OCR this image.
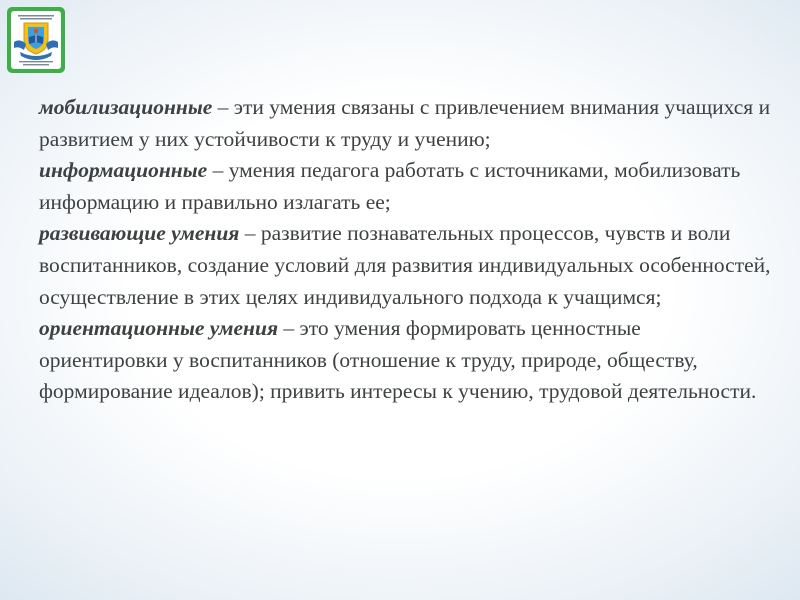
мобилизационные – эти умения связаны с привлечением внимания учащихся и развитием у них устойчивости к труду и учению;
информационные – умения педагога работать с источниками, мобилизовать информацию и правильно излагать ее;
развивающие умения – развитие познавательных процессов, чувств и воли воспитанников, создание условий для развития индивидуальных особенностей, осуществление в этих целях индивидуального подхода к учащимся;
ориентационные умения – это умения формировать ценностные ориентировки у воспитанников (отношение к труду, природе, обществу, формирование идеалов); привить интересы к учению, трудовой деятельности.
